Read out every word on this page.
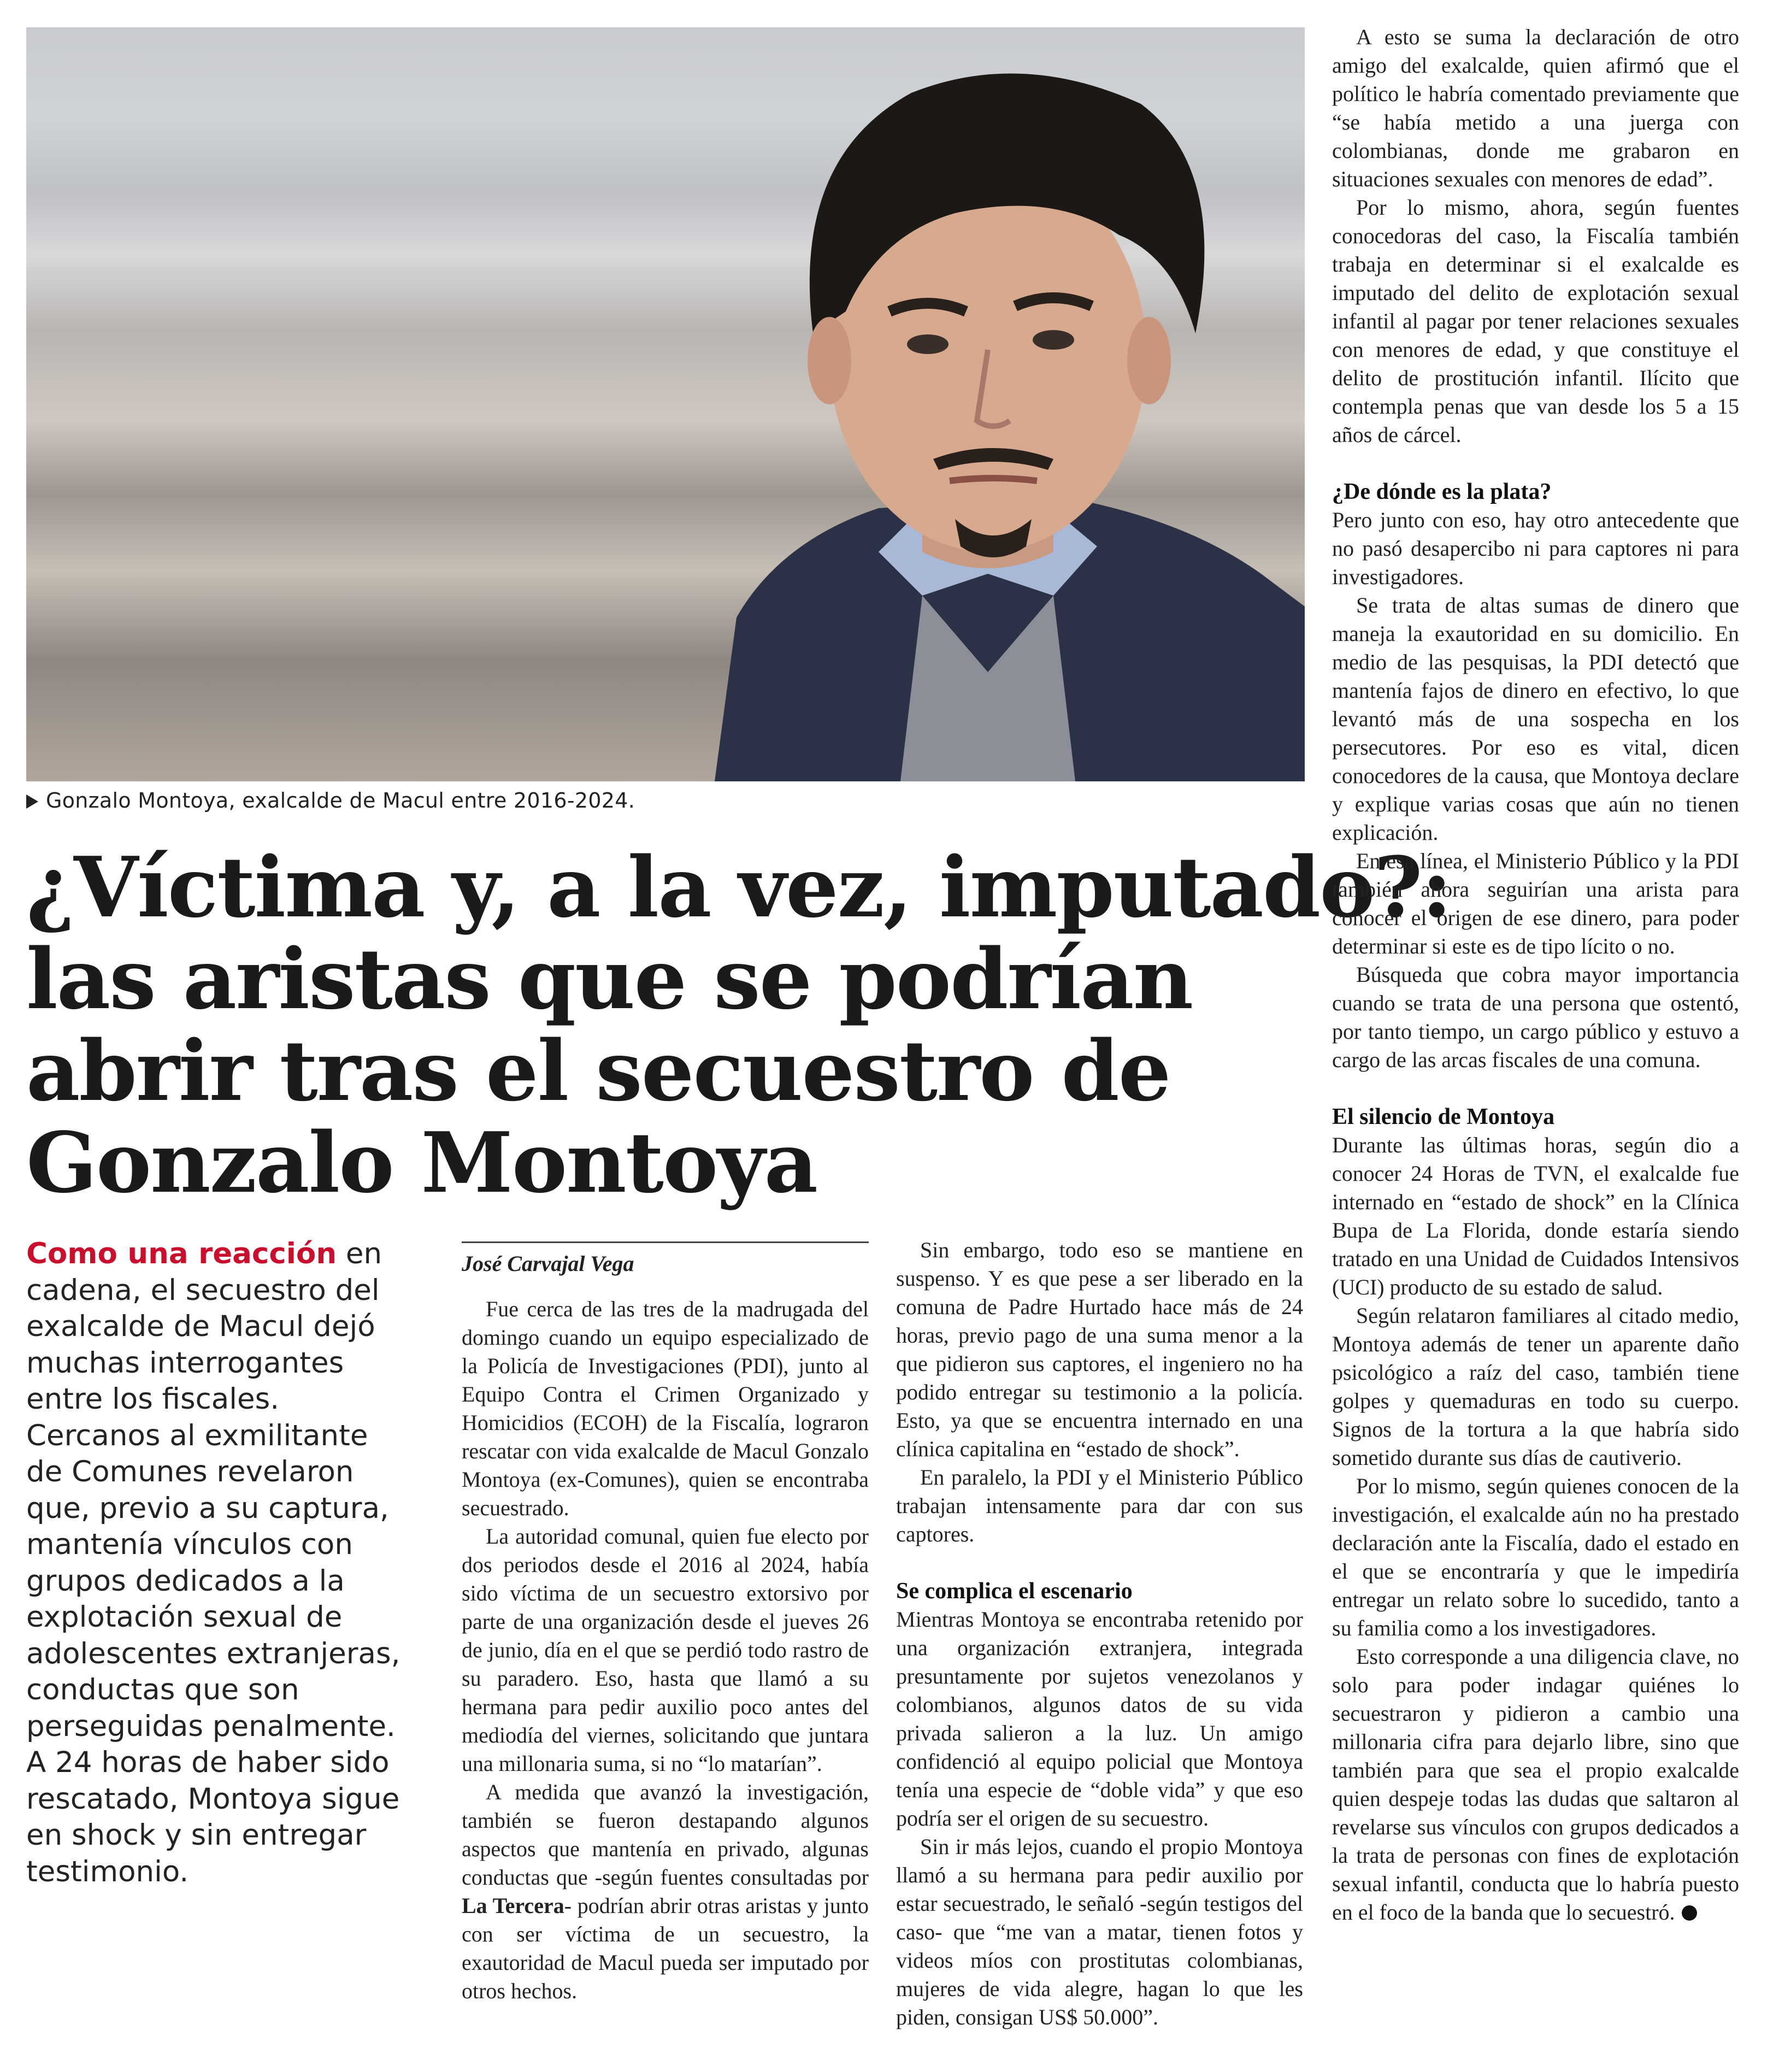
Gonzalo Montoya, exalcalde de Macul entre 2016-2024.
¿Víctima y, a la vez, imputado?:
las aristas que se podrían
abrir tras el secuestro de
Gonzalo Montoya
Como una reacción en cadena, el secuestro del exalcalde de Macul dejó muchas interrogantes entre los fiscales. Cercanos al exmilitante de Comunes revelaron que, previo a su captura, mantenía vínculos con grupos dedicados a la explotación sexual de adolescentes extranjeras, conductas que son perseguidas penalmente. A 24 horas de haber sido rescatado, Montoya sigue en shock y sin entregar testimonio.
José Carvajal Vega

Fue cerca de las tres de la madrugada del domingo cuando un equipo especializado de la Policía de Investigaciones (PDI), junto al Equipo Contra el Crimen Organizado y Homicidios (ECOH) de la Fiscalía, lograron rescatar con vida exalcalde de Macul Gonzalo Montoya (ex-Comunes), quien se encontraba secuestrado.

La autoridad comunal, quien fue electo por dos periodos desde el 2016 al 2024, había sido víctima de un secuestro extorsivo por parte de una organización desde el jueves 26 de junio, día en el que se perdió todo rastro de su paradero. Eso, hasta que llamó a su hermana para pedir auxilio poco antes del mediodía del viernes, solicitando que juntara una millonaria suma, si no “lo matarían”.

A medida que avanzó la investigación, también se fueron destapando algunos aspectos que mantenía en privado, algunas conductas que -según fuentes consultadas por La Tercera- podrían abrir otras aristas y junto con ser víctima de un secuestro, la exautoridad de Macul pueda ser imputado por otros hechos.

Sin embargo, todo eso se mantiene en suspenso. Y es que pese a ser liberado en la comuna de Padre Hurtado hace más de 24 horas, previo pago de una suma menor a la que pidieron sus captores, el ingeniero no ha podido entregar su testimonio a la policía. Esto, ya que se encuentra internado en una clínica capitalina en “estado de shock”.

En paralelo, la PDI y el Ministerio Público trabajan intensamente para dar con sus captores.

Se complica el escenario

Mientras Montoya se encontraba retenido por una organización extranjera, integrada presuntamente por sujetos venezolanos y colombianos, algunos datos de su vida privada salieron a la luz. Un amigo confidenció al equipo policial que Montoya tenía una especie de “doble vida” y que eso podría ser el origen de su secuestro.

Sin ir más lejos, cuando el propio Montoya llamó a su hermana para pedir auxilio por estar secuestrado, le señaló -según testigos del caso- que “me van a matar, tienen fotos y videos míos con prostitutas colombianas, mujeres de vida alegre, hagan lo que les piden, consigan US$ 50.000”.

A esto se suma la declaración de otro amigo del exalcalde, quien afirmó que el político le habría comentado previamente que “se había metido a una juerga con colombianas, donde me grabaron en situaciones sexuales con menores de edad”.

Por lo mismo, ahora, según fuentes conocedoras del caso, la Fiscalía también trabaja en determinar si el exalcalde es imputado del delito de explotación sexual infantil al pagar por tener relaciones sexuales con menores de edad, y que constituye el delito de prostitución infantil. Ilícito que contempla penas que van desde los 5 a 15 años de cárcel.

¿De dónde es la plata?

Pero junto con eso, hay otro antecedente que no pasó desapercibo ni para captores ni para investigadores.

Se trata de altas sumas de dinero que maneja la exautoridad en su domicilio. En medio de las pesquisas, la PDI detectó que mantenía fajos de dinero en efectivo, lo que levantó más de una sospecha en los persecutores. Por eso es vital, dicen conocedores de la causa, que Montoya declare y explique varias cosas que aún no tienen explicación.

En esa línea, el Ministerio Público y la PDI también ahora seguirían una arista para conocer el origen de ese dinero, para poder determinar si este es de tipo lícito o no.

Búsqueda que cobra mayor importancia cuando se trata de una persona que ostentó, por tanto tiempo, un cargo público y estuvo a cargo de las arcas fiscales de una comuna.

El silencio de Montoya

Durante las últimas horas, según dio a conocer 24 Horas de TVN, el exalcalde fue internado en “estado de shock” en la Clínica Bupa de La Florida, donde estaría siendo tratado en una Unidad de Cuidados Intensivos (UCI) producto de su estado de salud.

Según relataron familiares al citado medio, Montoya además de tener un aparente daño psicológico a raíz del caso, también tiene golpes y quemaduras en todo su cuerpo. Signos de la tortura a la que habría sido sometido durante sus días de cautiverio.

Por lo mismo, según quienes conocen de la investigación, el exalcalde aún no ha prestado declaración ante la Fiscalía, dado el estado en el que se encontraría y que le impediría entregar un relato sobre lo sucedido, tanto a su familia como a los investigadores.

Esto corresponde a una diligencia clave, no solo para poder indagar quiénes lo secuestraron y pidieron a cambio una millonaria cifra para dejarlo libre, sino que también para que sea el propio exalcalde quien despeje todas las dudas que saltaron al revelarse sus vínculos con grupos dedicados a la trata de personas con fines de explotación sexual infantil, conducta que lo habría puesto en el foco de la banda que lo secuestró.
